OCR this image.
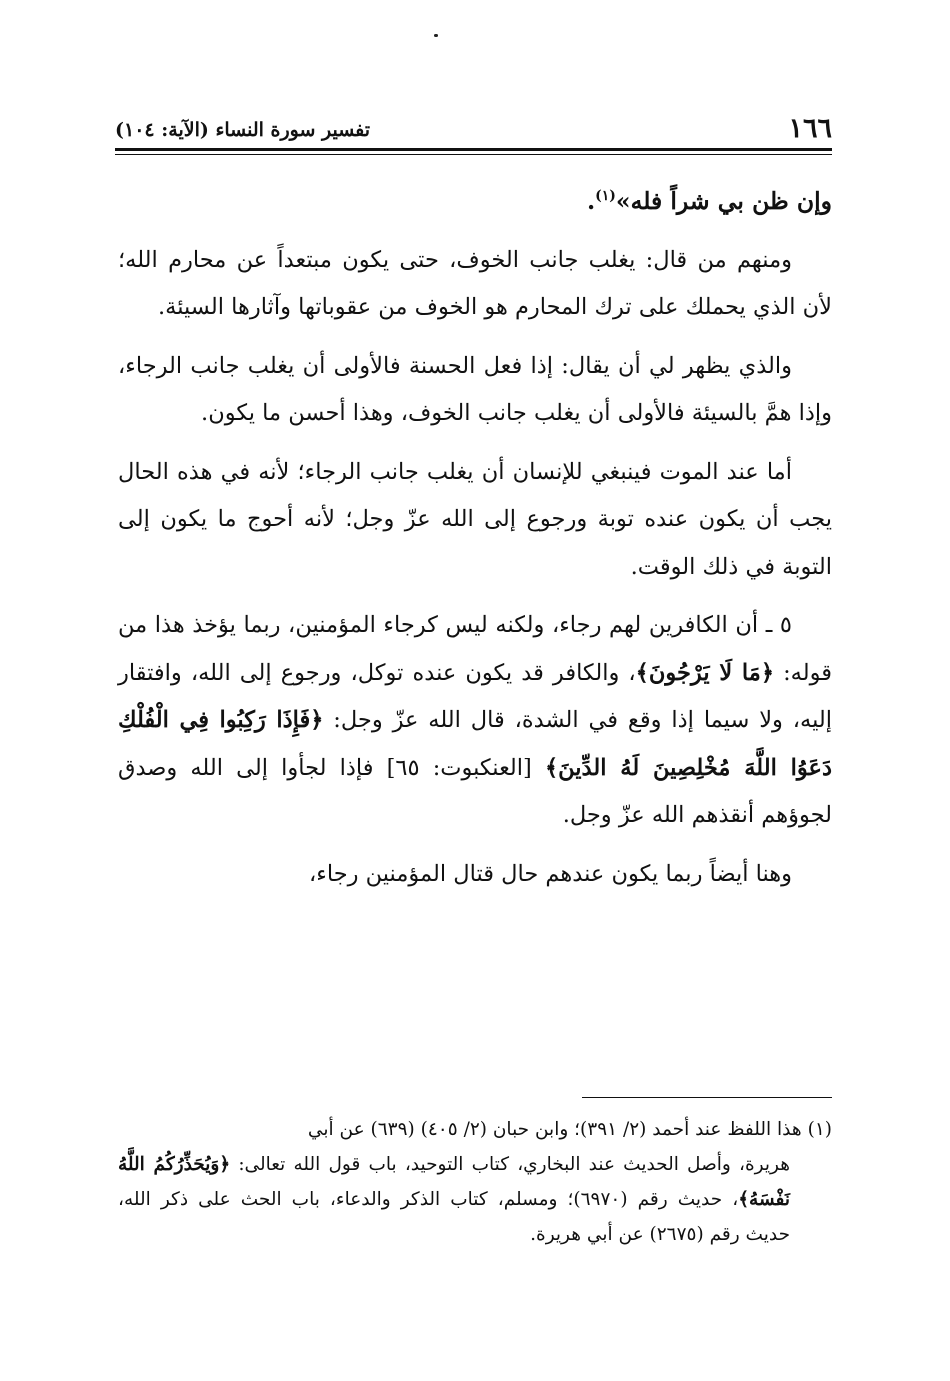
١٦٦
تفسير سورة النساء (الآية: ١٠٤)

وإن ظن بي شراً فله»$^{(١)}$.

ومنهم من قال: يغلب جانب الخوف، حتى يكون مبتعداً عن محارم الله؛ لأن الذي يحملك على ترك المحارم هو الخوف من عقوباتها وآثارها السيئة.

والذي يظهر لي أن يقال: إذا فعل الحسنة فالأولى أن يغلب جانب الرجاء، وإذا همَّ بالسيئة فالأولى أن يغلب جانب الخوف، وهذا أحسن ما يكون.

أما عند الموت فينبغي للإنسان أن يغلب جانب الرجاء؛ لأنه في هذه الحال يجب أن يكون عنده توبة ورجوع إلى الله عزّ وجل؛ لأنه أحوج ما يكون إلى التوبة في ذلك الوقت.

٥ ـ أن الكافرين لهم رجاء، ولكنه ليس كرجاء المؤمنين، ربما يؤخذ هذا من قوله: ﴿مَا لَا يَرْجُونَ﴾، والكافر قد يكون عنده توكل، ورجوع إلى الله، وافتقار إليه، ولا سيما إذا وقع في الشدة، قال الله عزّ وجل: ﴿فَإِذَا رَكِبُوا فِي الْفُلْكِ دَعَوُا اللَّهَ مُخْلِصِينَ لَهُ الدِّينَ﴾ [العنكبوت: ٦٥] فإذا لجأوا إلى الله وصدق لجوؤهم أنقذهم الله عزّ وجل.

وهنا أيضاً ربما يكون عندهم حال قتال المؤمنين رجاء،

(١)هذا اللفظ عند أحمد (٢/ ٣٩١)؛ وابن حبان (٢/ ٤٠٥) (٦٣٩) عن أبي

هريرة، وأصل الحديث عند البخاري، كتاب التوحيد، باب قول الله تعالى: ﴿وَيُحَذِّرُكُمُ اللَّهُ نَفْسَهُ﴾، حديث رقم (٦٩٧٠)؛ ومسلم، كتاب الذكر والدعاء، باب الحث على ذكر الله، حديث رقم (٢٦٧٥) عن أبي هريرة.
